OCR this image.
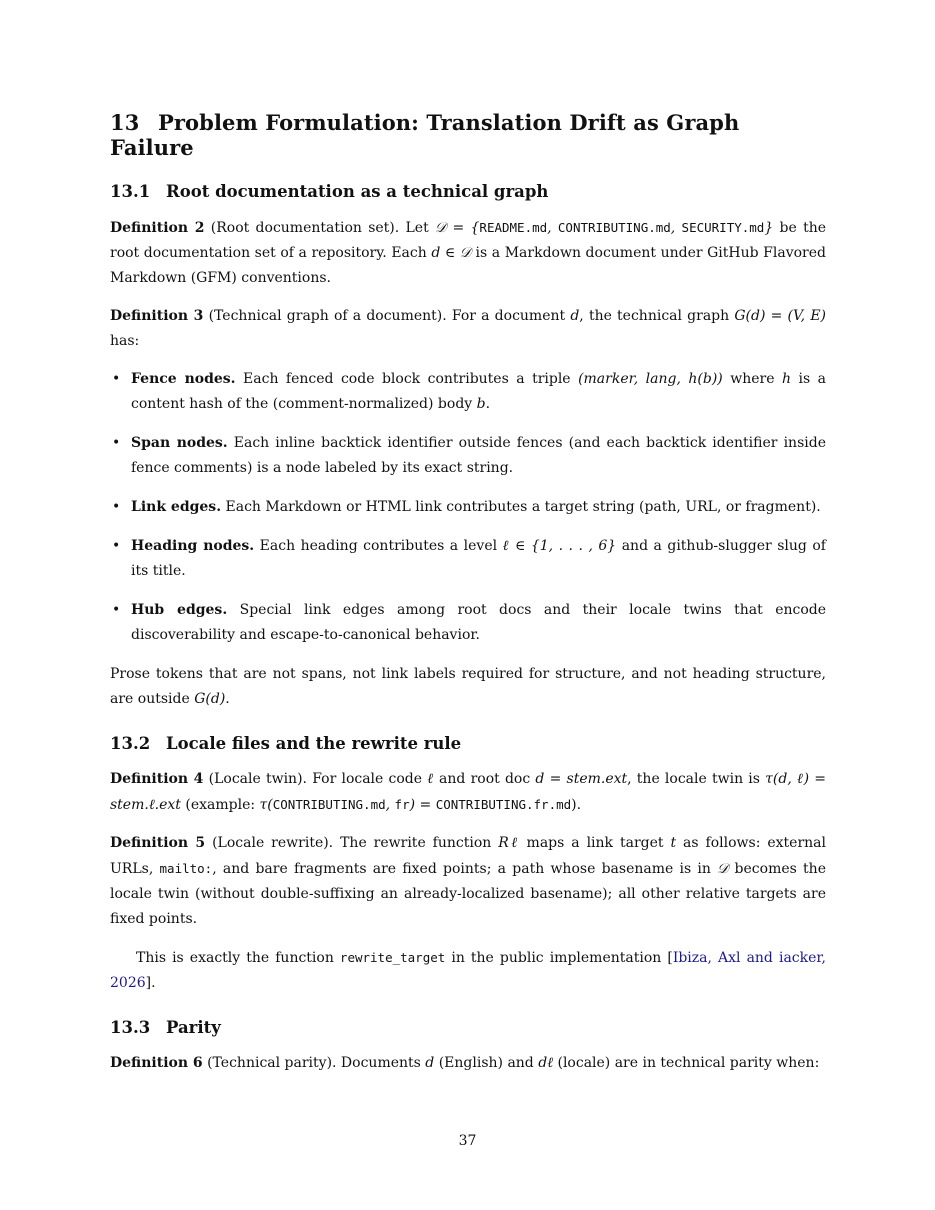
13 Problem Formulation: Translation Drift as Graph Failure
13.1 Root documentation as a technical graph

Definition 2 (Root documentation set). Let 𝒟 = {README.md, CONTRIBUTING.md, SECURITY.md} be the root documentation set of a repository. Each d ∈ 𝒟 is a Markdown document under GitHub Flavored Markdown (GFM) conventions.

Definition 3 (Technical graph of a document). For a document d, the technical graph G(d) = (V, E) has:

• Fence nodes. Each fenced code block contributes a triple (marker, lang, h(b)) where h is a content hash of the (comment-normalized) body b.
• Span nodes. Each inline backtick identifier outside fences (and each backtick identifier inside fence comments) is a node labeled by its exact string.
• Link edges. Each Markdown or HTML link contributes a target string (path, URL, or fragment).
• Heading nodes. Each heading contributes a level ℓ ∈ {1, . . . , 6} and a github-slugger slug of its title.
• Hub edges. Special link edges among root docs and their locale twins that encode discoverability and escape-to-canonical behavior.

Prose tokens that are not spans, not link labels required for structure, and not heading structure, are outside G(d).

13.2 Locale files and the rewrite rule

Definition 4 (Locale twin). For locale code ℓ and root doc d = stem.ext, the locale twin is τ(d, ℓ) = stem.ℓ.ext (example: τ(CONTRIBUTING.md, fr) = CONTRIBUTING.fr.md).

Definition 5 (Locale rewrite). The rewrite function Rℓ maps a link target t as follows: external URLs, mailto:, and bare fragments are fixed points; a path whose basename is in 𝒟 becomes the locale twin (without double-suffixing an already-localized basename); all other relative targets are fixed points.

This is exactly the function rewrite_target in the public implementation [Ibiza, Axl and iacker, 2026].

13.3 Parity

Definition 6 (Technical parity). Documents d (English) and dℓ (locale) are in technical parity when:

37
